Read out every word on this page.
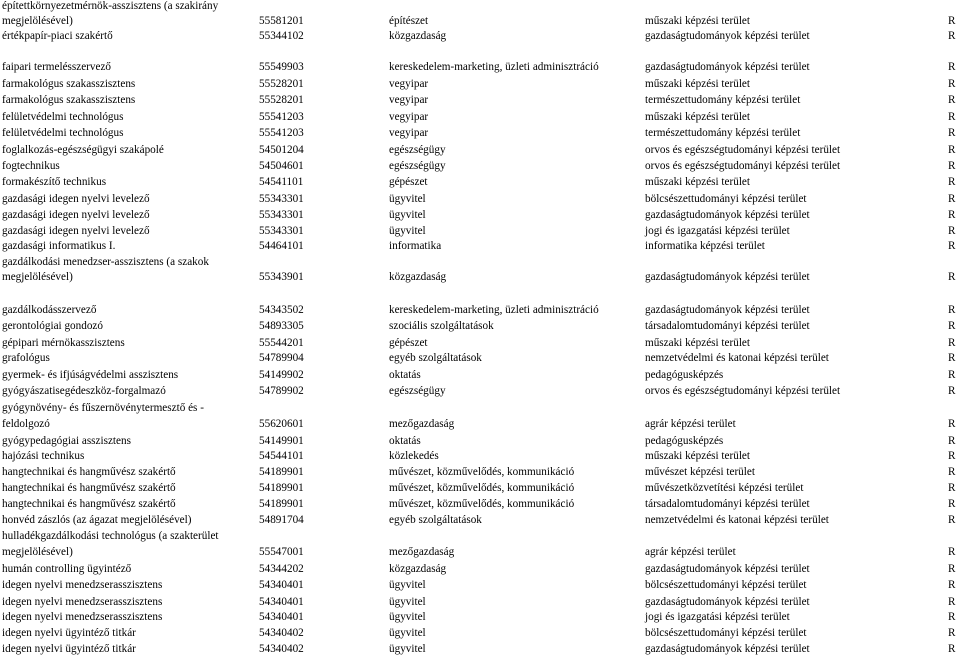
építettkörnyezetmérnök-asszisztens (a szakirány
megjelölésével)	55581201	építészet	műszaki képzési terület	R
értékpapír-piaci szakértő	55344102	közgazdaság	gazdaságtudományok képzési terület	R
faipari termelésszervező	55549903	kereskedelem-marketing, üzleti adminisztráció	gazdaságtudományok képzési terület	R
farmakológus szakasszisztens	55528201	vegyipar	műszaki képzési terület	R
farmakológus szakasszisztens	55528201	vegyipar	természettudomány képzési terület	R
felületvédelmi technológus	55541203	vegyipar	műszaki képzési terület	R
felületvédelmi technológus	55541203	vegyipar	természettudomány képzési terület	R
foglalkozás-egészségügyi szakápolé	54501204	egészségügy	orvos és egészségtudományi képzési terület	R
fogtechnikus	54504601	egészségügy	orvos és egészségtudományi képzési terület	R
formakészítő technikus	54541101	gépészet	műszaki képzési terület	R
gazdasági idegen nyelvi levelező	55343301	ügyvitel	bölcsészettudományi képzési terület	R
gazdasági idegen nyelvi levelező	55343301	ügyvitel	gazdaságtudományok képzési terület	R
gazdasági idegen nyelvi levelező	55343301	ügyvitel	jogi és igazgatási képzési terület	R
gazdasági informatikus I.	54464101	informatika	informatika képzési terület	R
gazdálkodási menedzser-asszisztens (a szakok
megjelölésével)	55343901	közgazdaság	gazdaságtudományok képzési terület	R
gazdálkodásszervező	54343502	kereskedelem-marketing, üzleti adminisztráció	gazdaságtudományok képzési terület	R
gerontológiai gondozó	54893305	szociális szolgáltatások	társadalomtudományi képzési terület	R
gépipari mérnökasszisztens	55544201	gépészet	műszaki képzési terület	R
grafológus	54789904	egyéb szolgáltatások	nemzetvédelmi és katonai képzési terület	R
gyermek- és ifjúságvédelmi asszisztens	54149902	oktatás	pedagógusképzés	R
gyógyászatisegédeszköz-forgalmazó	54789902	egészségügy	orvos és egészségtudományi képzési terület	R
gyógynövény- és fűszernövénytermesztő és -
feldolgozó	55620601	mezőgazdaság	agrár képzési terület	R
gyógypedagógiai asszisztens	54149901	oktatás	pedagógusképzés	R
hajózási technikus	54544101	közlekedés	műszaki képzési terület	R
hangtechnikai és hangművész szakértő	54189901	művészet, közművelődés, kommunikáció	művészet képzési terület	R
hangtechnikai és hangművész szakértő	54189901	művészet, közművelődés, kommunikáció	művészetközvetítési képzési terület	R
hangtechnikai és hangművész szakértő	54189901	művészet, közművelődés, kommunikáció	társadalomtudományi képzési terület	R
honvéd zászlós (az ágazat megjelölésével)	54891704	egyéb szolgáltatások	nemzetvédelmi és katonai képzési terület	R
hulladékgazdálkodási technológus (a szakterület
megjelölésével)	55547001	mezőgazdaság	agrár képzési terület	R
humán controlling ügyintéző	54344202	közgazdaság	gazdaságtudományok képzési terület	R
idegen nyelvi menedzserasszisztens	54340401	ügyvitel	bölcsészettudományi képzési terület	R
idegen nyelvi menedzserasszisztens	54340401	ügyvitel	gazdaságtudományok képzési terület	R
idegen nyelvi menedzserasszisztens	54340401	ügyvitel	jogi és igazgatási képzési terület	R
idegen nyelvi ügyintéző titkár	54340402	ügyvitel	bölcsészettudományi képzési terület	R
idegen nyelvi ügyintéző titkár	54340402	ügyvitel	gazdaságtudományok képzési terület	R
